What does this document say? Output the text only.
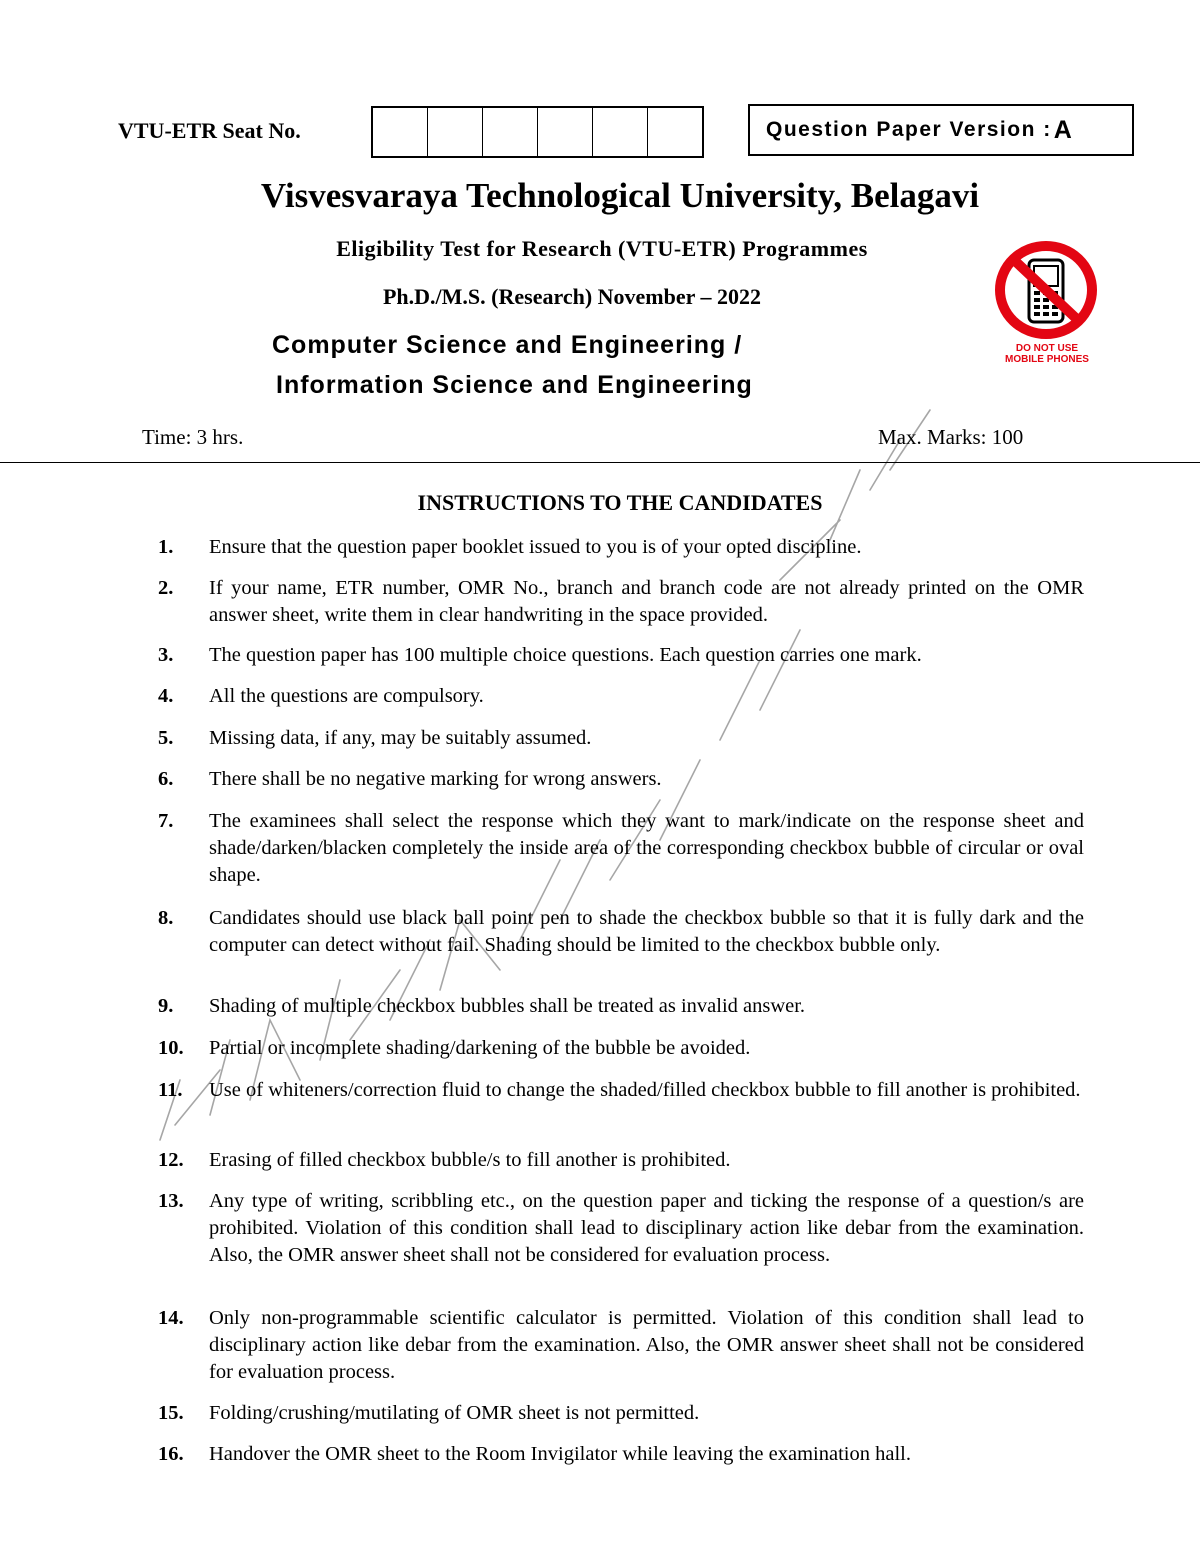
VTU-ETR Seat No.	Question Paper Version : A
Visvesvaraya Technological University, Belagavi
Eligibility Test for Research (VTU-ETR) Programmes
Ph.D./M.S. (Research) November – 2022
Computer Science and Engineering /
Information Science and Engineering
DO NOT USE
MOBILE PHONES
Time: 3 hrs.	Max. Marks: 100
INSTRUCTIONS TO THE CANDIDATES
1. Ensure that the question paper booklet issued to you is of your opted discipline.
2. If your name, ETR number, OMR No., branch and branch code are not already printed on the OMR answer sheet, write them in clear handwriting in the space provided.
3. The question paper has 100 multiple choice questions. Each question carries one mark.
4. All the questions are compulsory.
5. Missing data, if any, may be suitably assumed.
6. There shall be no negative marking for wrong answers.
7. The examinees shall select the response which they want to mark/indicate on the response sheet and shade/darken/blacken completely the inside area of the corresponding checkbox bubble of circular or oval shape.
8. Candidates should use black ball point pen to shade the checkbox bubble so that it is fully dark and the computer can detect without fail. Shading should be limited to the checkbox bubble only.
9. Shading of multiple checkbox bubbles shall be treated as invalid answer.
10. Partial or incomplete shading/darkening of the bubble be avoided.
11. Use of whiteners/correction fluid to change the shaded/filled checkbox bubble to fill another is prohibited.
12. Erasing of filled checkbox bubble/s to fill another is prohibited.
13. Any type of writing, scribbling etc., on the question paper and ticking the response of a question/s are prohibited. Violation of this condition shall lead to disciplinary action like debar from the examination. Also, the OMR answer sheet shall not be considered for evaluation process.
14. Only non-programmable scientific calculator is permitted. Violation of this condition shall lead to disciplinary action like debar from the examination. Also, the OMR answer sheet shall not be considered for evaluation process.
15. Folding/crushing/mutilating of OMR sheet is not permitted.
16. Handover the OMR sheet to the Room Invigilator while leaving the examination hall.
